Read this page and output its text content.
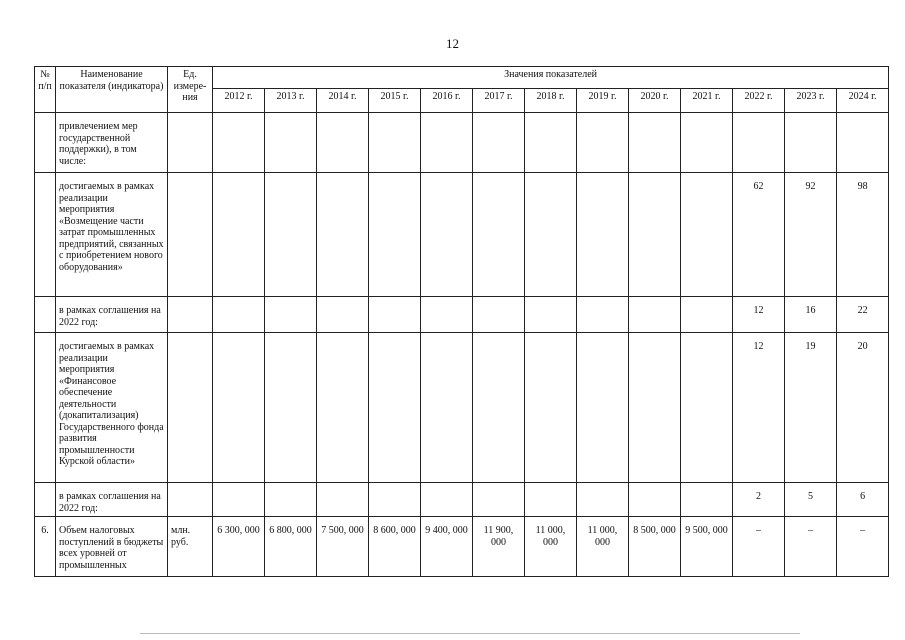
12
№ п/п	Наименование показателя (индикатора)	Ед. измере-ния	Значения показателей												
			2012 г.	2013 г.	2014 г.	2015 г.	2016 г.	2017 г.	2018 г.	2019 г.	2020 г.	2021 г.	2022 г.	2023 г.	2024 г.
	привлечением мер государственной поддержки), в том числе:														
	достигаемых в рамках реализации мероприятия «Возмещение части затрат промышленных предприятий, связанных с приобретением нового оборудования»												62	92	98
	в рамках соглашения на 2022 год:												12	16	22
	достигаемых в рамках реализации мероприятия «Финансовое обеспечение деятельности (докапитализация) Государственного фонда развития промышленности Курской области»												12	19	20
	в рамках соглашения на 2022 год:												2	5	6
6.	Объем налоговых поступлений в бюджеты всех уровней от промышленных	млн. руб.	6 300, 000	6 800, 000	7 500, 000	8 600, 000	9 400, 000	11 900, 000	11 000, 000	11 000, 000	8 500, 000	9 500, 000	–	–	–
